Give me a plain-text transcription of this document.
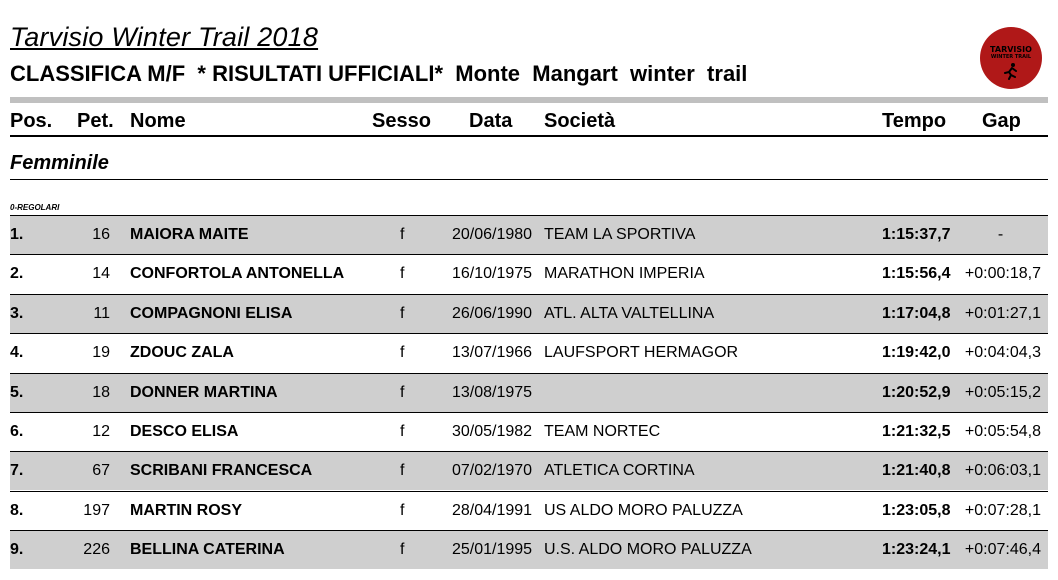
Tarvisio Winter Trail 2018
CLASSIFICA M/F  * RISULTATI UFFICIALI*  Monte  Mangart  winter  trail
TARVISIO
WINTER TRAIL
Pos. Pet. Nome	Sesso Data Società	Tempo Gap
Femminile
0-REGOLARI
1.	16 MAIORA MAITE	f	20/06/1980 TEAM LA SPORTIVA	1:15:37,7	-
2.	14 CONFORTOLA ANTONELLA	f	16/10/1975 MARATHON IMPERIA	1:15:56,4 +0:00:18,7
3.	11 COMPAGNONI ELISA	f	26/06/1990 ATL. ALTA VALTELLINA	1:17:04,8 +0:01:27,1
4.	19 ZDOUC ZALA	f	13/07/1966 LAUFSPORT HERMAGOR	1:19:42,0 +0:04:04,3
5.	18 DONNER MARTINA	f	13/08/1975	1:20:52,9 +0:05:15,2
6.	12 DESCO ELISA	f	30/05/1982 TEAM NORTEC	1:21:32,5 +0:05:54,8
7.	67 SCRIBANI FRANCESCA	f	07/02/1970 ATLETICA CORTINA	1:21:40,8 +0:06:03,1
8.	197 MARTIN ROSY	f	28/04/1991 US ALDO MORO PALUZZA	1:23:05,8 +0:07:28,1
9.	226 BELLINA CATERINA	f	25/01/1995 U.S. ALDO MORO PALUZZA	1:23:24,1 +0:07:46,4
